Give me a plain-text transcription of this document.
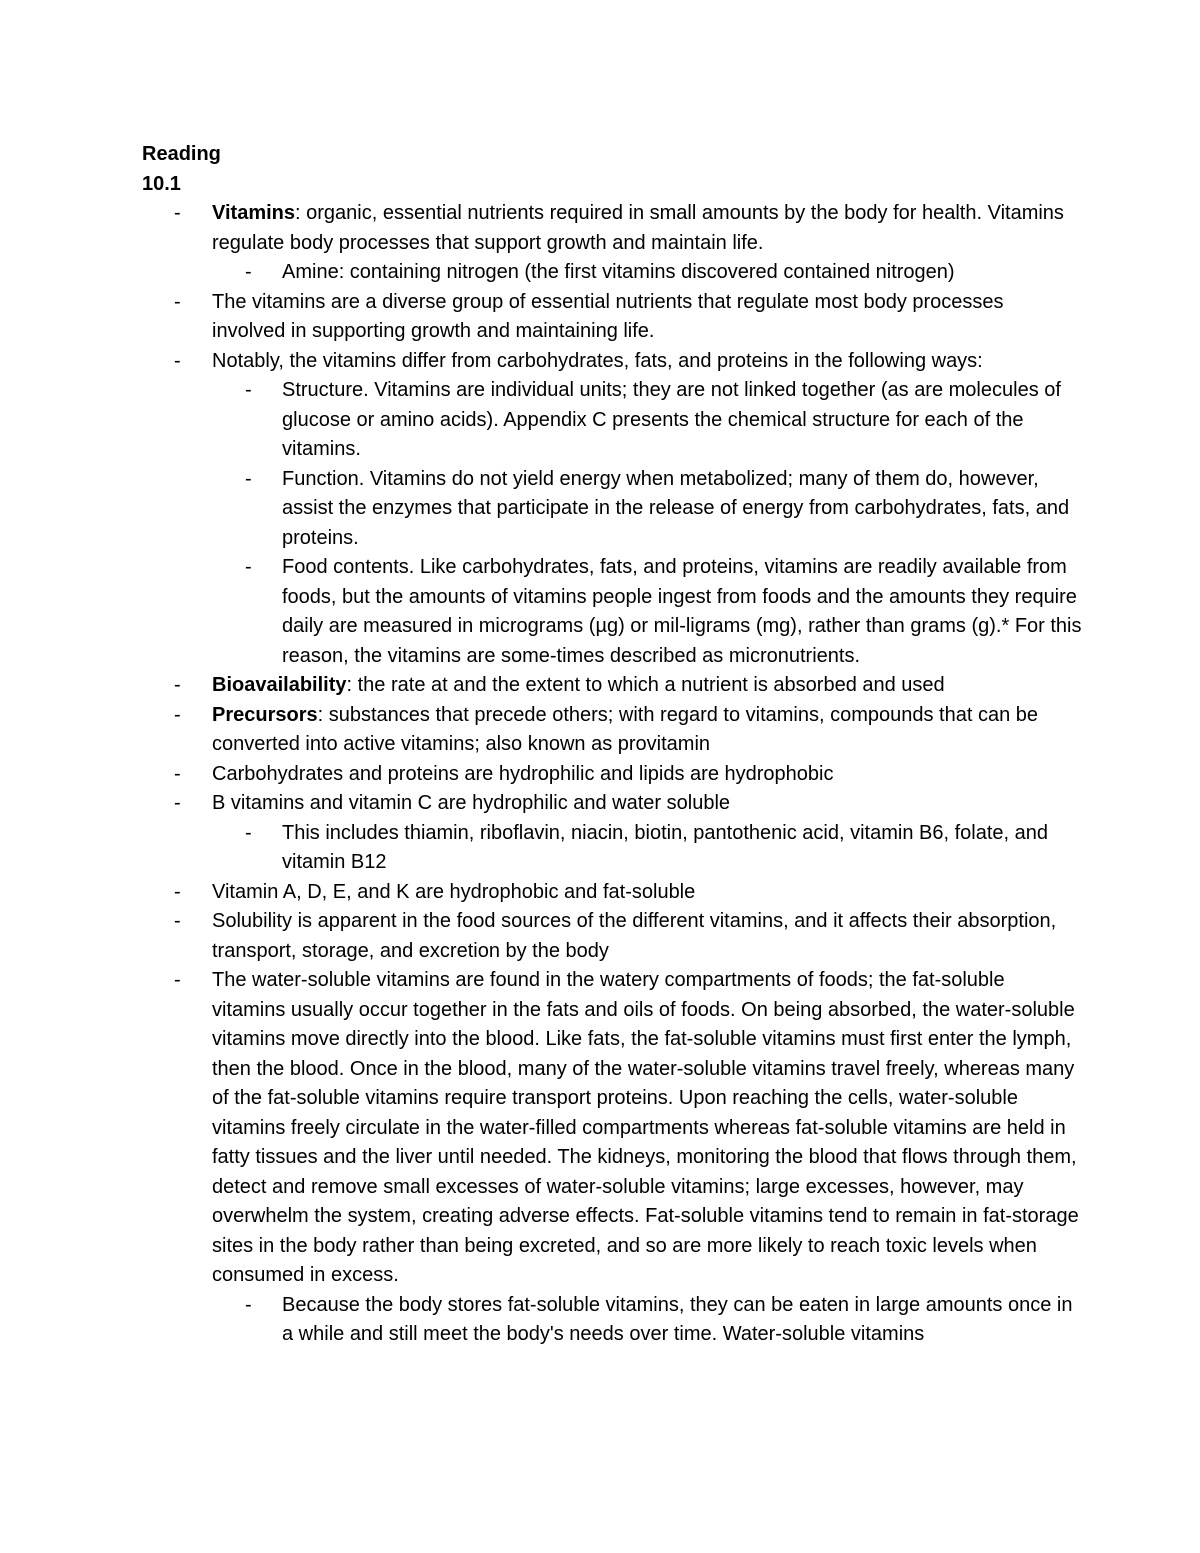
Reading
10.1
- Vitamins: organic, essential nutrients required in small amounts by the body for health. Vitamins regulate body processes that support growth and maintain life.
- Amine: containing nitrogen (the first vitamins discovered contained nitrogen)
- The vitamins are a diverse group of essential nutrients that regulate most body processes involved in supporting growth and maintaining life.
- Notably, the vitamins differ from carbohydrates, fats, and proteins in the following ways:
- Structure. Vitamins are individual units; they are not linked together (as are molecules of glucose or amino acids). Appendix C presents the chemical structure for each of the vitamins.
- Function. Vitamins do not yield energy when metabolized; many of them do, however, assist the enzymes that participate in the release of energy from carbohydrates, fats, and proteins.
- Food contents. Like carbohydrates, fats, and proteins, vitamins are readily available from foods, but the amounts of vitamins people ingest from foods and the amounts they require daily are measured in micrograms (µg) or mil-ligrams (mg), rather than grams (g).* For this reason, the vitamins are some-times described as micronutrients.
- Bioavailability: the rate at and the extent to which a nutrient is absorbed and used
- Precursors: substances that precede others; with regard to vitamins, compounds that can be converted into active vitamins; also known as provitamin
- Carbohydrates and proteins are hydrophilic and lipids are hydrophobic
- B vitamins and vitamin C are hydrophilic and water soluble
- This includes thiamin, riboflavin, niacin, biotin, pantothenic acid, vitamin B6, folate, and vitamin B12
- Vitamin A, D, E, and K are hydrophobic and fat-soluble
- Solubility is apparent in the food sources of the different vitamins, and it affects their absorption, transport, storage, and excretion by the body
- The water-soluble vitamins are found in the watery compartments of foods; the fat-soluble vitamins usually occur together in the fats and oils of foods. On being absorbed, the water-soluble vitamins move directly into the blood. Like fats, the fat-soluble vitamins must first enter the lymph, then the blood. Once in the blood, many of the water-soluble vitamins travel freely, whereas many of the fat-soluble vitamins require transport proteins. Upon reaching the cells, water-soluble vitamins freely circulate in the water-filled compartments whereas fat-soluble vitamins are held in fatty tissues and the liver until needed. The kidneys, monitoring the blood that flows through them, detect and remove small excesses of water-soluble vitamins; large excesses, however, may overwhelm the system, creating adverse effects. Fat-soluble vitamins tend to remain in fat-storage sites in the body rather than being excreted, and so are more likely to reach toxic levels when consumed in excess.
- Because the body stores fat-soluble vitamins, they can be eaten in large amounts once in a while and still meet the body's needs over time. Water-soluble vitamins
